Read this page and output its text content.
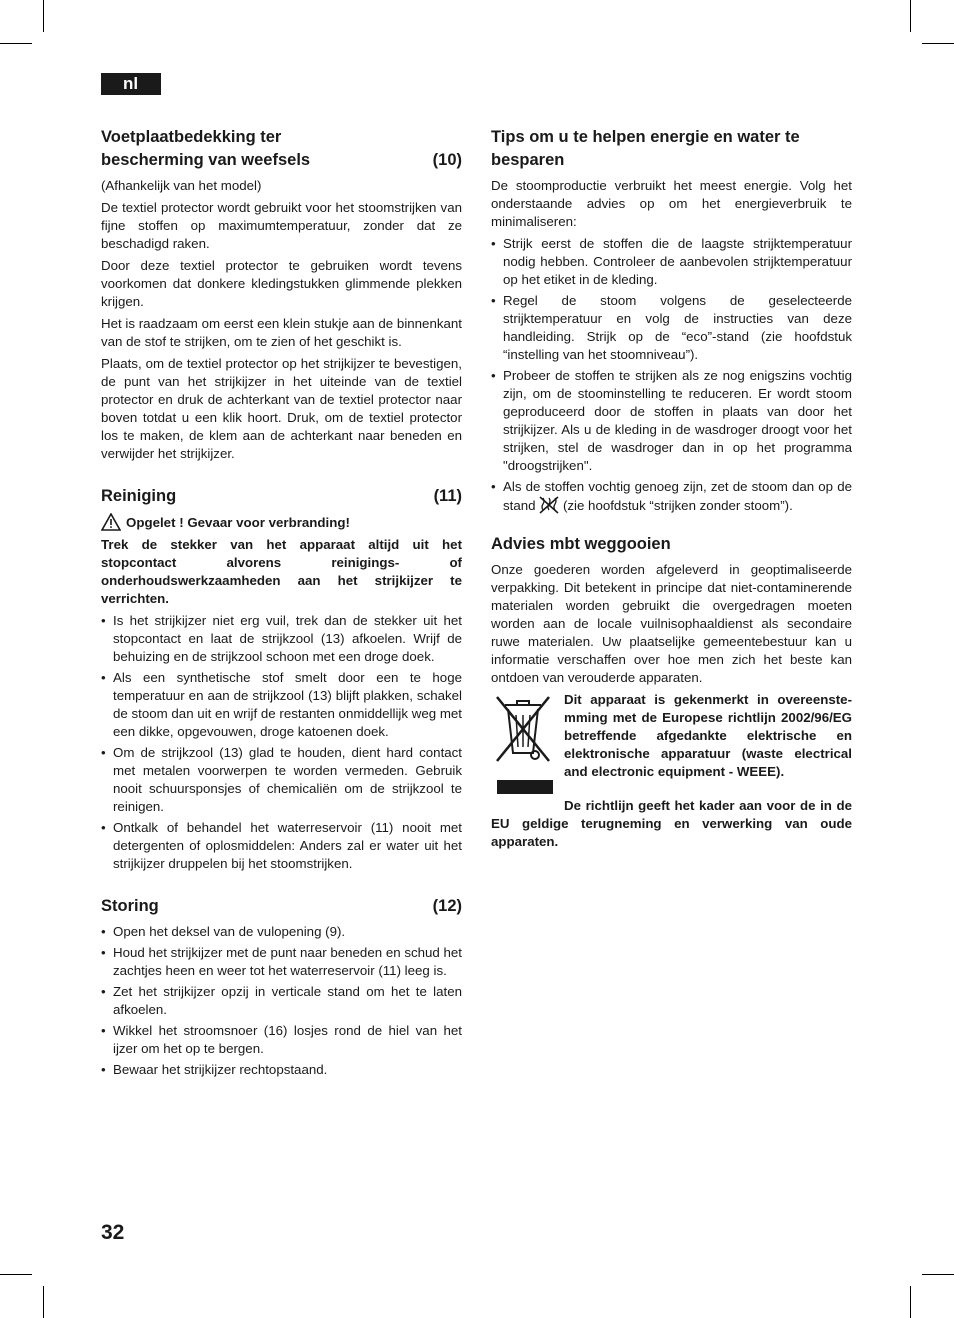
nl
Voetplaatbedekking ter
bescherming van weefsels	(10)

(Afhankelijk van het model)

De textiel protector wordt gebruikt voor het stoomstrijken van fijne stoffen op maximumtemperatuur, zonder dat ze beschadigd raken.

Door deze textiel protector te gebruiken wordt tevens voorkomen dat donkere kledingstukken glimmende plekken krijgen.

Het is raadzaam om eerst een klein stukje aan de binnenkant van de stof te strijken, om te zien of het geschikt is.

Plaats, om de textiel protector op het strijkijzer te bevestigen, de punt van het strijkijzer in het uiteinde van de textiel protector en druk de achterkant van de textiel protector naar boven totdat u een klik hoort. Druk, om de textiel protector los te maken, de klem aan de achterkant naar beneden en verwijder het strijkijzer.

Reiniging	(11)
Opgelet ! Gevaar voor verbranding!

Trek de stekker van het apparaat altijd uit het stopcontact alvorens reinigings- of onderhoudswerkzaamheden aan het strijkijzer te verrichten.

• Is het strijkijzer niet erg vuil, trek dan de stekker uit het stopcontact en laat de strijkzool (13) afkoelen. Wrijf de behuizing en de strijkzool schoon met een droge doek.
• Als een synthetische stof smelt door een te hoge temperatuur en aan de strijkzool (13) blijft plakken, schakel de stoom dan uit en wrijf de restanten onmiddellijk weg met een dikke, opgevouwen, droge katoenen doek.
• Om de strijkzool (13) glad te houden, dient hard contact met metalen voorwerpen te worden vermeden. Gebruik nooit schuursponsjes of chemicaliën om de strijkzool te reinigen.
• Ontkalk of behandel het waterreservoir (11) nooit met detergenten of oplosmiddelen: Anders zal er water uit het strijkijzer druppelen bij het stoomstrijken.
Storing	(12)
• Open het deksel van de vulopening (9).
• Houd het strijkijzer met de punt naar beneden en schud het zachtjes heen en weer tot het waterreservoir (11) leeg is.
• Zet het strijkijzer opzij in verticale stand om het te laten afkoelen.
• Wikkel het stroomsnoer (16) losjes rond de hiel van het ijzer om het op te bergen.
• Bewaar het strijkijzer rechtopstaand.
Tips om u te helpen energie en water te besparen

De stoomproductie verbruikt het meest energie. Volg het onderstaande advies op om het energieverbruik te minimaliseren:

• Strijk eerst de stoffen die de laagste strijktemperatuur nodig hebben. Controleer de aanbevolen strijktemperatuur op het etiket in de kleding.
• Regel de stoom volgens de geselecteerde strijktemperatuur en volg de instructies van deze handleiding. Strijk op de “eco”-stand (zie hoofdstuk “instelling van het stoomniveau”).
• Probeer de stoffen te strijken als ze nog enigszins vochtig zijn, om de stoominstelling te reduceren. Er wordt stoom geproduceerd door de stoffen in plaats van door het strijkijzer. Als u de kleding in de wasdroger droogt voor het strijken, stel de wasdroger dan in op het programma "droogstrijken".
• Als de stoffen vochtig genoeg zijn, zet de stoom dan op de stand (zie hoofdstuk “strijken zonder stoom”).
Advies mbt weggooien

Onze goederen worden afgeleverd in geoptimaliseerde verpakking. Dit betekent in principe dat niet-contaminerende materialen worden gebruikt die overgedragen moeten worden aan de locale vuilnisophaaldienst als secondaire ruwe materialen. Uw plaatselijke gemeentebestuur kan u informatie verschaffen over hoe men zich het beste kan ontdoen van verouderde apparaten.

Dit apparaat is gekenmerkt in overeenste-mming met de Europese richtlijn 2002/96/EG betreffende afgedankte elektrische en elektronische apparatuur (waste electrical and electronic equipment - WEEE).

De richtlijn geeft het kader aan voor de in de EU geldige terugneming en verwerking van oude apparaten.

32
